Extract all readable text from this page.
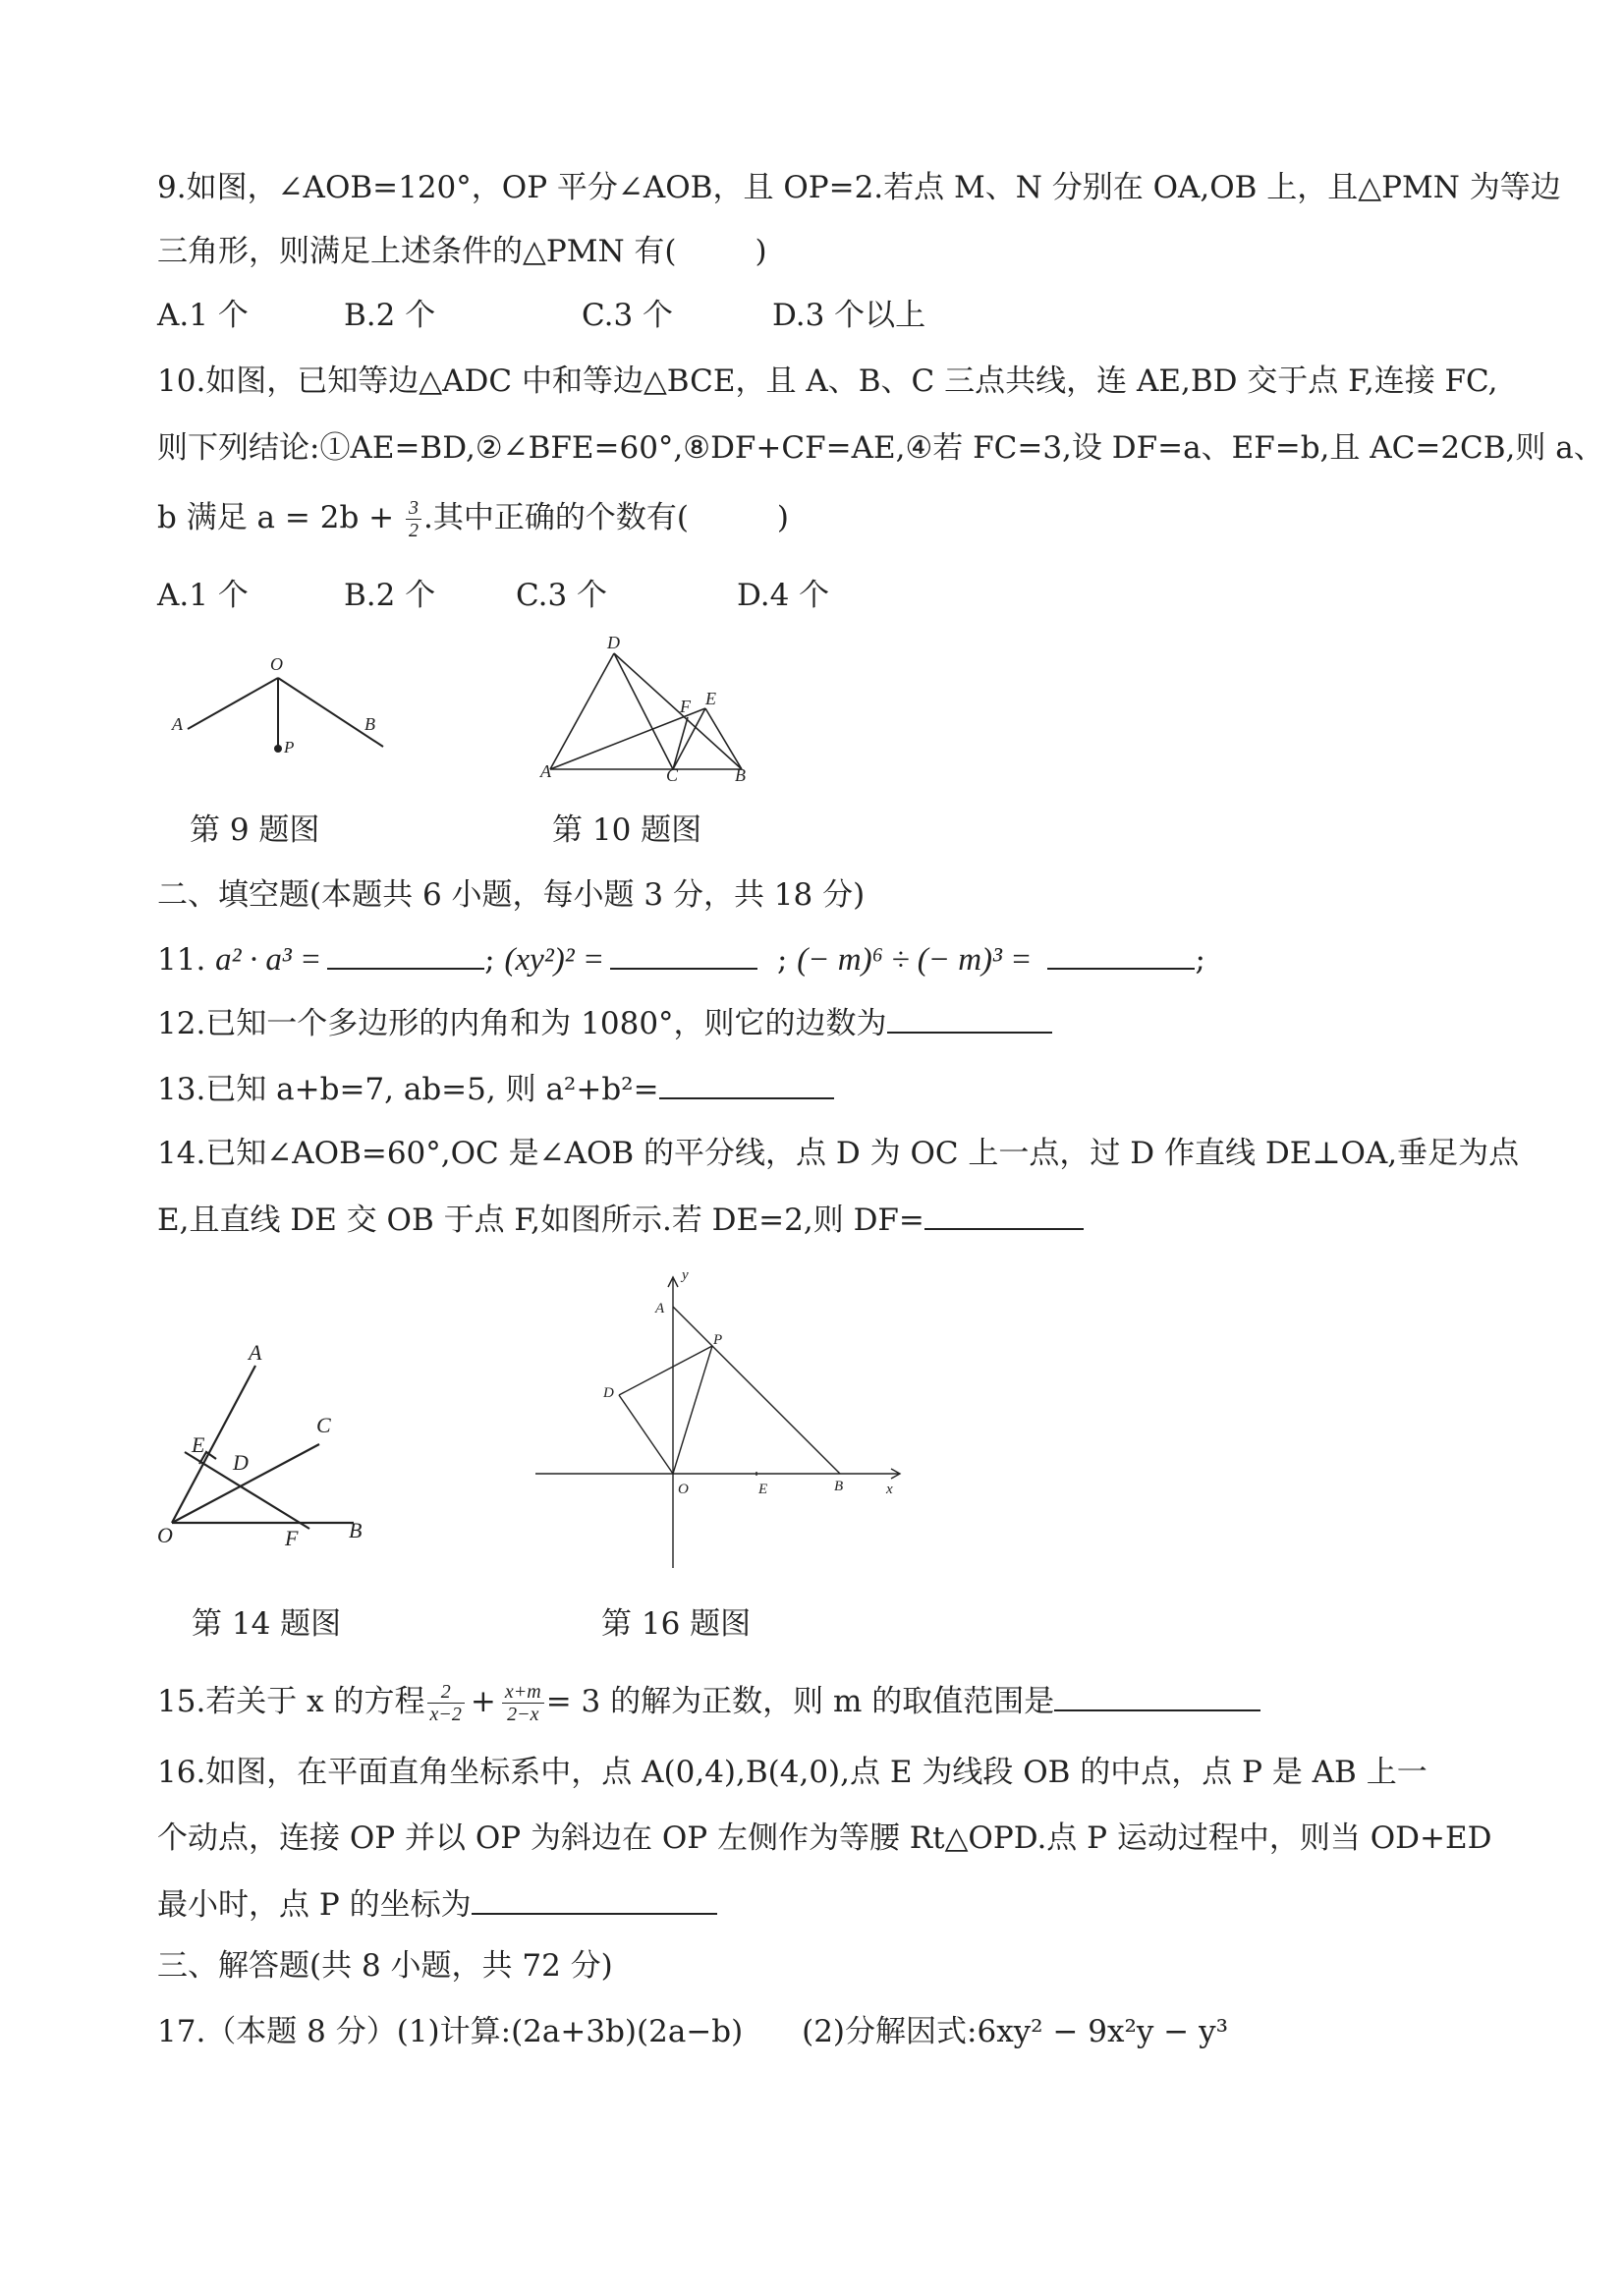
9.如图，∠AOB=120°，OP 平分∠AOB，且 OP=2.若点 M、N 分别在 OA,OB 上，且△PMN 为等边
三角形，则满足上述条件的△PMN 有(	)
A.1 个	B.2 个	C.3 个	D.3 个以上
10.如图，已知等边△ADC 中和等边△BCE，且 A、B、C 三点共线，连 AE,BD 交于点 F,连接 FC,
则下列结论:①AE=BD,②∠BFE=60°,⑧DF+CF=AE,④若 FC=3,设 DF=a、EF=b,且 AC=2CB,则 a、
b 满足 $a = 2b + \frac{3}{2}$ .其中正确的个数有(	)
A.1 个	B.2 个	C.3 个	D.4 个
O
A	B
P
第 9 题图
D
F E
A	C	B
第 10 题图
二、填空题(本题共 6 小题，每小题 3 分，共 18 分)
11. a² · a³ =	; (xy²)² =	; (− m)⁶ ÷ (− m)³ =	;
12.已知一个多边形的内角和为 1080°，则它的边数为
13.已知 a+b=7, ab=5, 则 a²+b²=
14.已知∠AOB=60°,OC 是∠AOB 的平分线，点 D 为 OC 上一点，过 D 作直线 DE⊥OA,垂足为点
E,且直线 DE 交 OB 于点 F,如图所示.若 DE=2,则 DF=
A
C
E
D
O	F B
第 14 题图
y
A
P
D
O	E	B	x
第 16 题图
15.若关于 x 的方程 $\frac{2}{x-2} + \frac{x+m}{2-x} = 3$ 的解为正数，则 m 的取值范围是
16.如图，在平面直角坐标系中，点 A(0,4),B(4,0),点 E 为线段 OB 的中点，点 P 是 AB 上一
个动点，连接 OP 并以 OP 为斜边在 OP 左侧作为等腰 Rt△OPD.点 P 运动过程中，则当 OD+ED
最小时，点 P 的坐标为
三、解答题(共 8 小题，共 72 分)
17.（本题 8 分）(1)计算:(2a+3b)(2a−b) (2)分解因式:6xy² − 9x²y − y³
